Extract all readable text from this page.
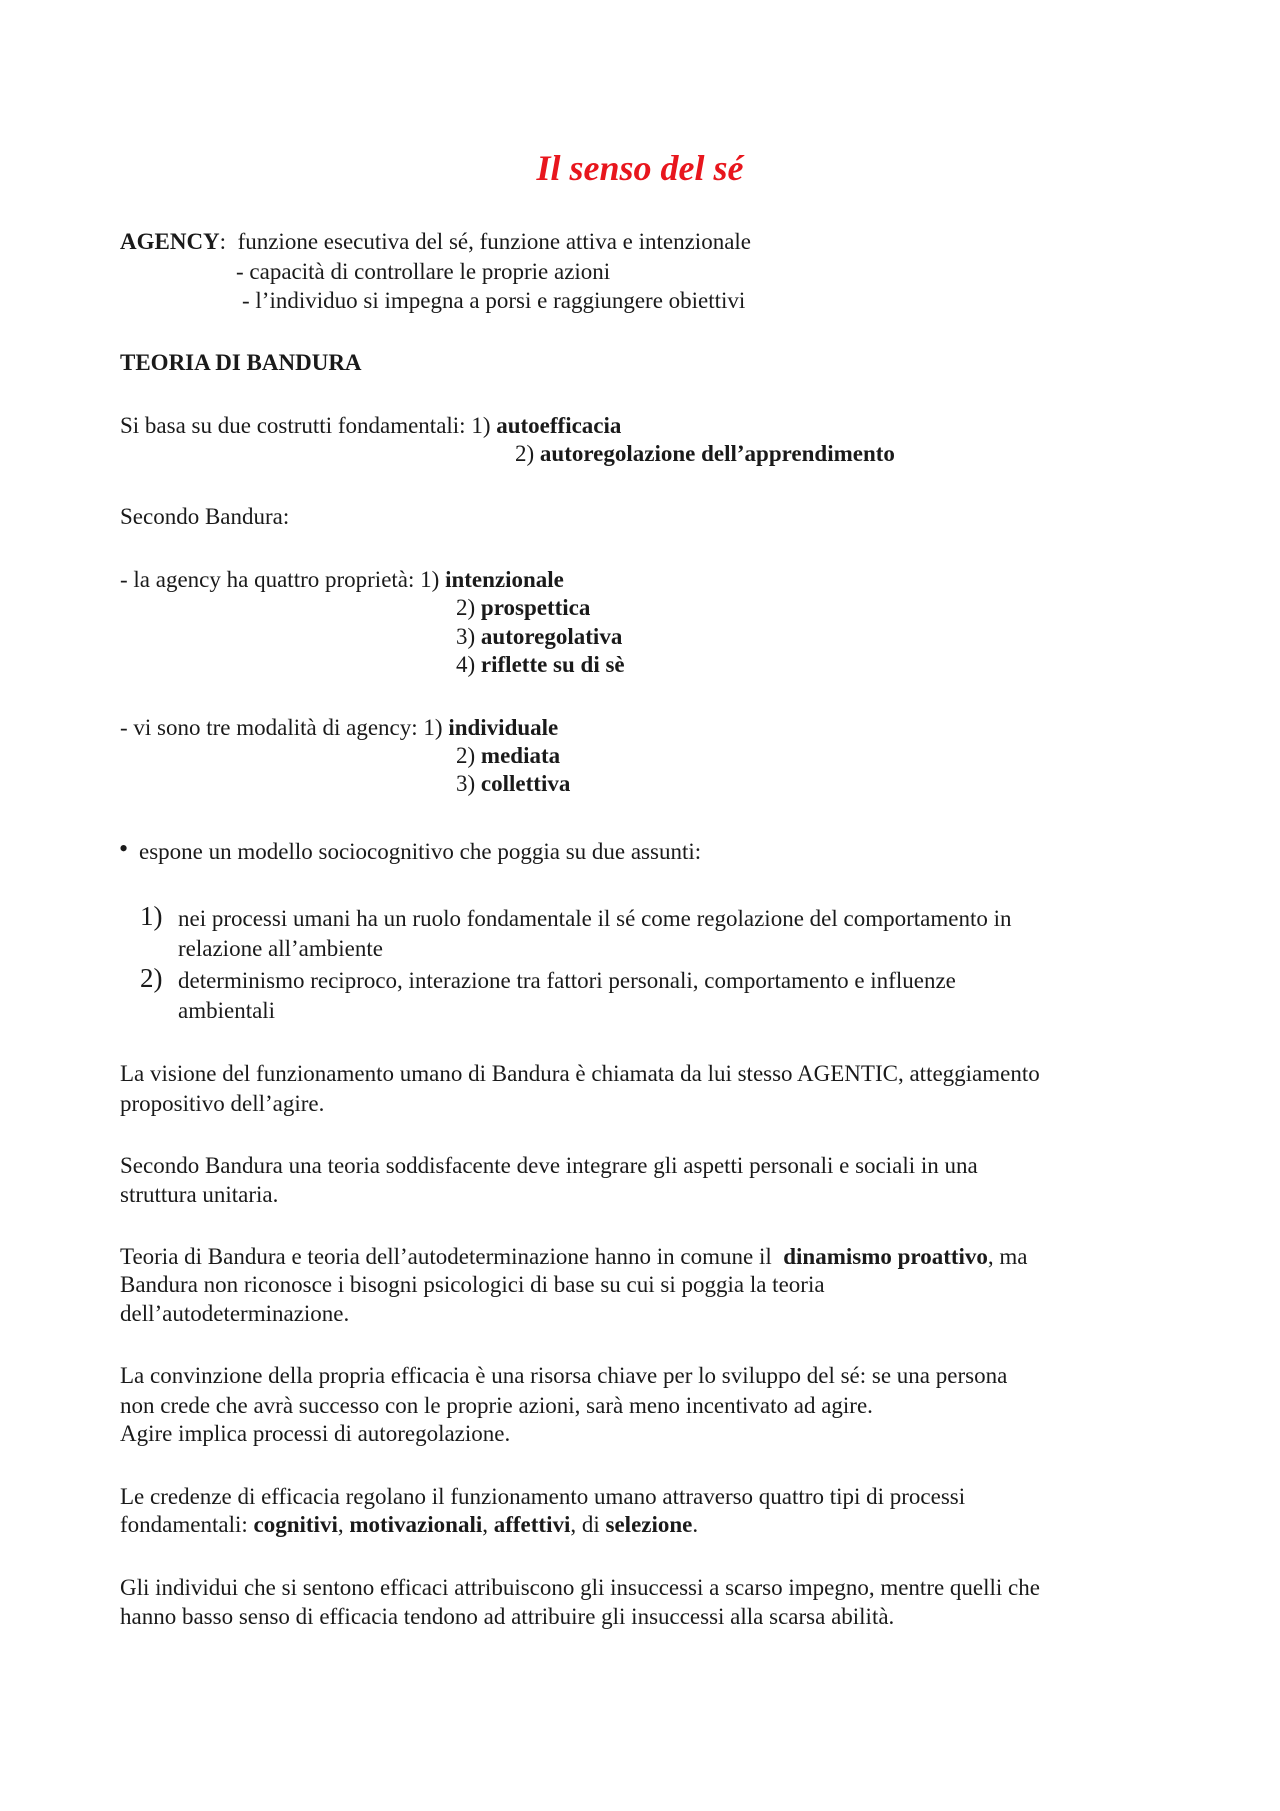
Il senso del sé
AGENCY: funzione esecutiva del sé, funzione attiva e intenzionale
- capacità di controllare le proprie azioni
- l’individuo si impegna a porsi e raggiungere obiettivi
TEORIA DI BANDURA
Si basa su due costrutti fondamentali: 1) autoefficacia
2) autoregolazione dell’apprendimento
Secondo Bandura:
- la agency ha quattro proprietà: 1) intenzionale
2) prospettica
3) autoregolativa
4) riflette su di sè
- vi sono tre modalità di agency: 1) individuale
2) mediata
3) collettiva
• espone un modello sociocognitivo che poggia su due assunti:
1) nei processi umani ha un ruolo fondamentale il sé come regolazione del comportamento in
relazione all’ambiente
2) determinismo reciproco, interazione tra fattori personali, comportamento e influenze
ambientali
La visione del funzionamento umano di Bandura è chiamata da lui stesso AGENTIC, atteggiamento
propositivo dell’agire.
Secondo Bandura una teoria soddisfacente deve integrare gli aspetti personali e sociali in una
struttura unitaria.
Teoria di Bandura e teoria dell’autodeterminazione hanno in comune il dinamismo proattivo, ma
Bandura non riconosce i bisogni psicologici di base su cui si poggia la teoria
dell’autodeterminazione.
La convinzione della propria efficacia è una risorsa chiave per lo sviluppo del sé: se una persona
non crede che avrà successo con le proprie azioni, sarà meno incentivato ad agire.
Agire implica processi di autoregolazione.
Le credenze di efficacia regolano il funzionamento umano attraverso quattro tipi di processi
fondamentali: cognitivi, motivazionali, affettivi, di selezione.
Gli individui che si sentono efficaci attribuiscono gli insuccessi a scarso impegno, mentre quelli che
hanno basso senso di efficacia tendono ad attribuire gli insuccessi alla scarsa abilità.
